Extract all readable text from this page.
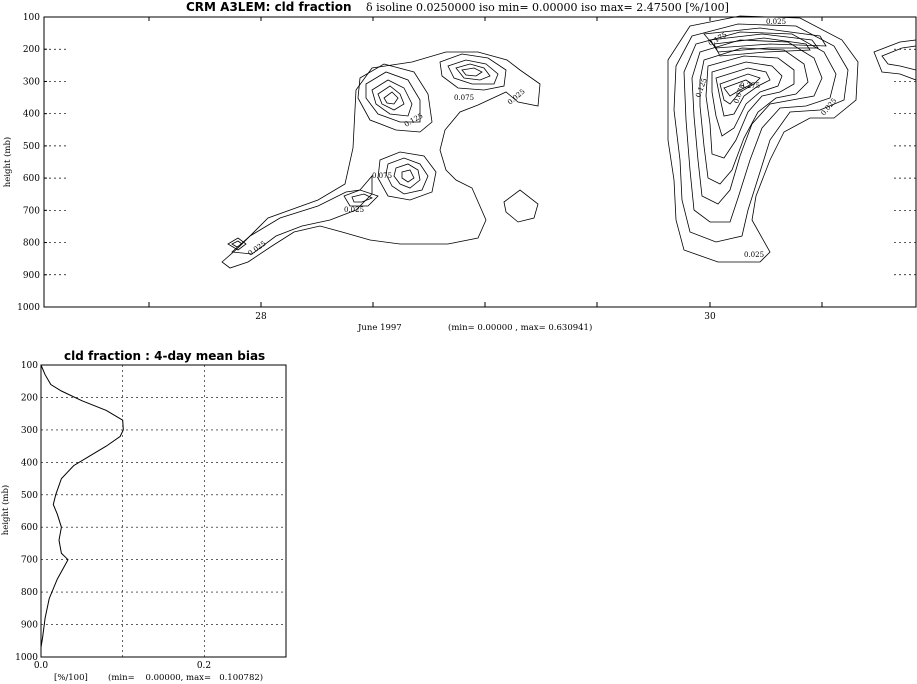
CRM A3LEM: cld fraction δ isoline 0.0250000 iso min= 0.00000 iso max= 2.47500 [%/100]
100
200
300
400
500
600
700
800
900
1000
height (mb)
28	30
June 1997	(min= 0.00000 , max= 0.630941)
0.025
0.075
0.125
0.025
0.075
0.025
0.025
0.025
0.175
0.125	0.275
0.075
0.025
cld fraction : 4-day mean bias
100
200
300
400
500
600
700
800
900
1000
height (mb)
0.0	0.2
[%/100] (min=    0.00000, max=   0.100782)
